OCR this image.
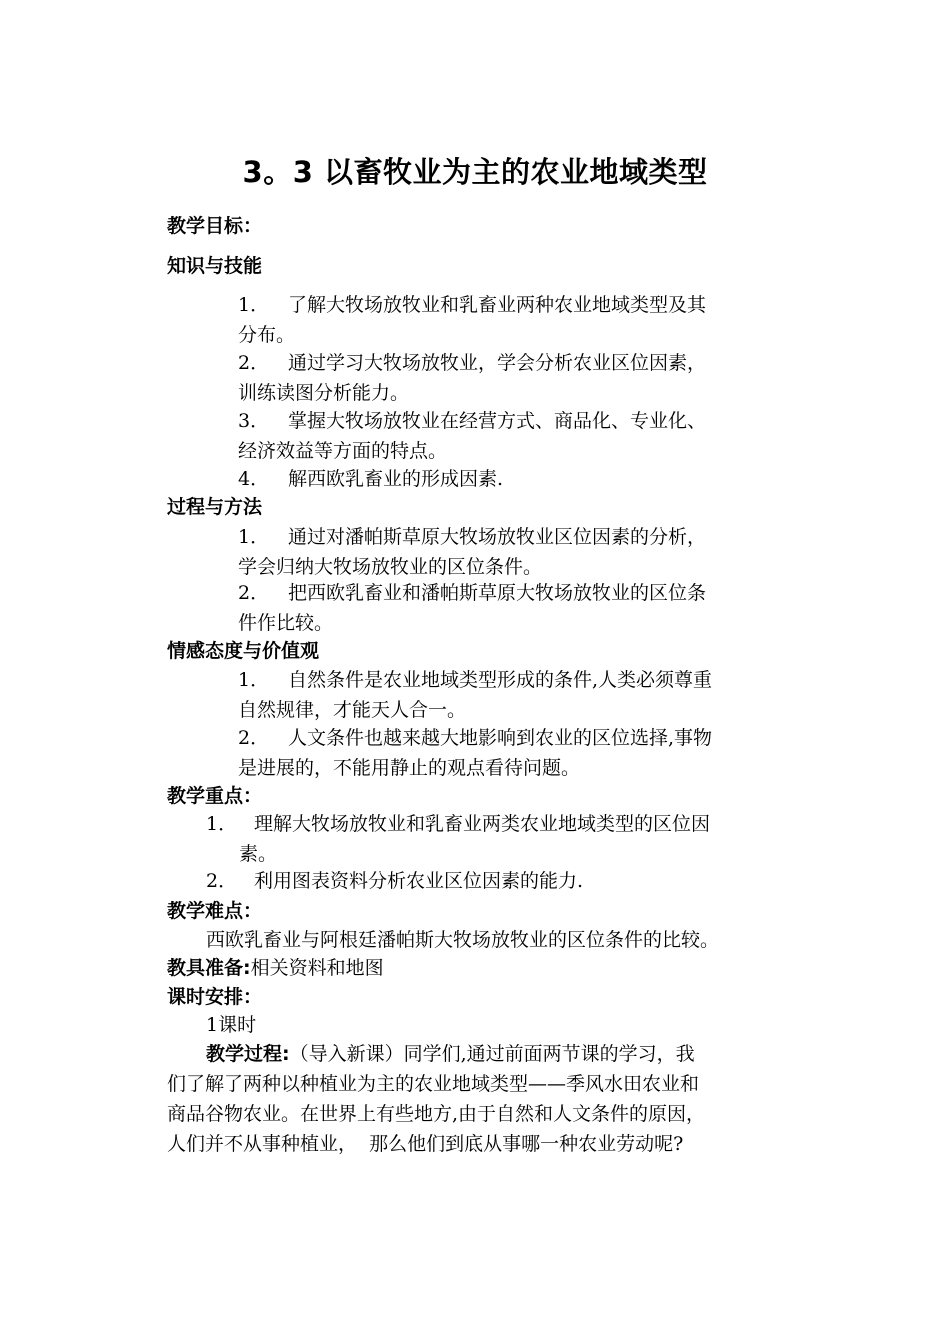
3。3 以畜牧业为主的农业地域类型
教学目标：
知识与技能
1． 了解大牧场放牧业和乳畜业两种农业地域类型及其
分布。
2． 通过学习大牧场放牧业，学会分析农业区位因素，
训练读图分析能力。
3． 掌握大牧场放牧业在经营方式、商品化、专业化、
经济效益等方面的特点。
4． 解西欧乳畜业的形成因素.
过程与方法
1． 通过对潘帕斯草原大牧场放牧业区位因素的分析，
学会归纳大牧场放牧业的区位条件。
2． 把西欧乳畜业和潘帕斯草原大牧场放牧业的区位条
件作比较。
情感态度与价值观
1． 自然条件是农业地域类型形成的条件,人类必须尊重
自然规律，才能天人合一。
2． 人文条件也越来越大地影响到农业的区位选择,事物
是进展的，不能用静止的观点看待问题。
教学重点：
1． 理解大牧场放牧业和乳畜业两类农业地域类型的区位因
素。
2． 利用图表资料分析农业区位因素的能力.
教学难点：
西欧乳畜业与阿根廷潘帕斯大牧场放牧业的区位条件的比较。
教具准备:相关资料和地图
课时安排：
1课时
教学过程:（导入新课）同学们,通过前面两节课的学习，我
们了解了两种以种植业为主的农业地域类型——季风水田农业和
商品谷物农业。在世界上有些地方,由于自然和人文条件的原因，
人们并不从事种植业，  那么他们到底从事哪一种农业劳动呢?
